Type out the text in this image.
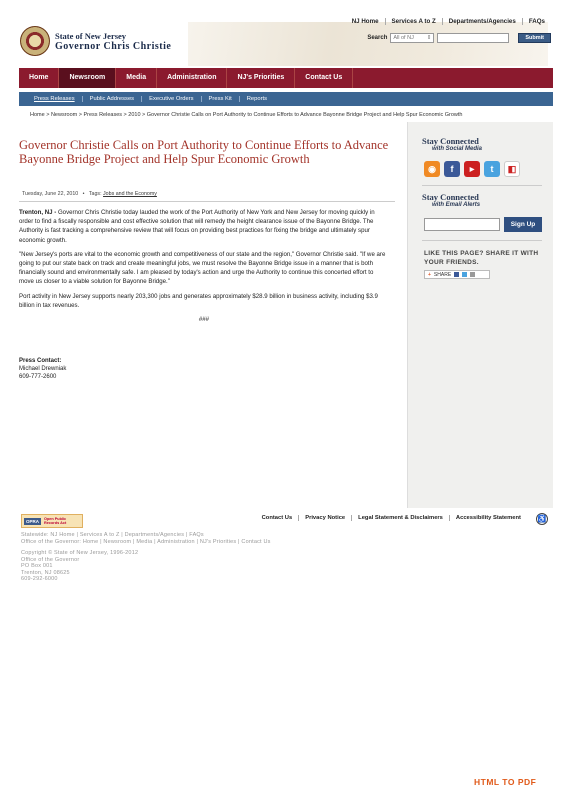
NJ Home	Services A to Z	Departments/Agencies	FAQs
State of New Jersey
Governor Chris Christie
Search All of NJ ⇕	Submit
Home	Newsroom	Media	Administration	NJ's Priorities	Contact Us
Press Releases	Public Addresses	Executive Orders	Press Kit	Reports
Home > Newsroom > Press Releases > 2010 > Governor Christie Calls on Port Authority to Continue Efforts to Advance Bayonne Bridge Project and Help Spur Economic Growth
Governor Christie Calls on Port Authority to Continue Efforts to Advance Bayonne Bridge Project and Help Spur Economic Growth
Tuesday, June 22, 2010   •   Tags: Jobs and the Economy

Trenton, NJ - Governor Chris Christie today lauded the work of the Port Authority of New York and New Jersey for moving quickly in order to find a fiscally responsible and cost effective solution that will remedy the height clearance issue of the Bayonne Bridge. The Authority is fast tracking a comprehensive review that will focus on providing best practices for fixing the bridge and ultimately spur economic growth.

"New Jersey's ports are vital to the economic growth and competitiveness of our state and the region," Governor Christie said. "If we are going to put our state back on track and create meaningful jobs, we must resolve the Bayonne Bridge issue in a manner that is both financially sound and environmentally safe. I am pleased by today's action and urge the Authority to continue this concerted effort to move us closer to a viable solution for Bayonne Bridge."

Port activity in New Jersey supports nearly 203,300 jobs and generates approximately $28.9 billion in business activity, including $3.9 billion in tax revenues.

###

Press Contact:
Michael Drewniak
609-777-2600
Stay Connected
with Social Media
◉	f	▶	t	◧
Stay Connected
with Email Alerts
Sign Up
LIKE THIS PAGE? SHARE IT WITH YOUR FRIENDS.
+ SHARE
OPRA	Open Public Records Act
Contact Us	Privacy Notice	Legal Statement & Disclaimers	Accessibility Statement	♿
Statewide: NJ Home | Services A to Z | Departments/Agencies | FAQs
Office of the Governor: Home | Newsroom | Media | Administration | NJ's Priorities | Contact Us
Copyright © State of New Jersey, 1996-2012
Office of the Governor
PO Box 001
Trenton, NJ 08625
609-292-6000
HTML TO PDF
